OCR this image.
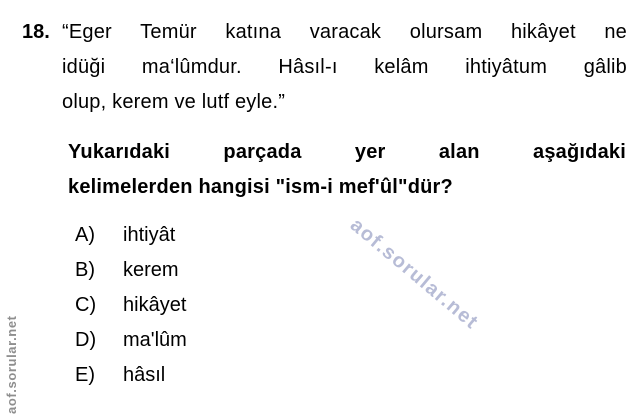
aof.sorular.net
aof.sorular.net
18. “Eger Temür katına varacak olursam hikâyet ne
idüği ma‘lûmdur. Hâsıl-ı kelâm ihtiyâtum gâlib
olup, kerem ve lutf eyle.”
Yukarıdaki parçada yer alan aşağıdaki
kelimelerden hangisi "ism-i mef'ûl"dür?
A)	ihtiyât
B)	kerem
C)	hikâyet
D)	ma'lûm
E)	hâsıl
